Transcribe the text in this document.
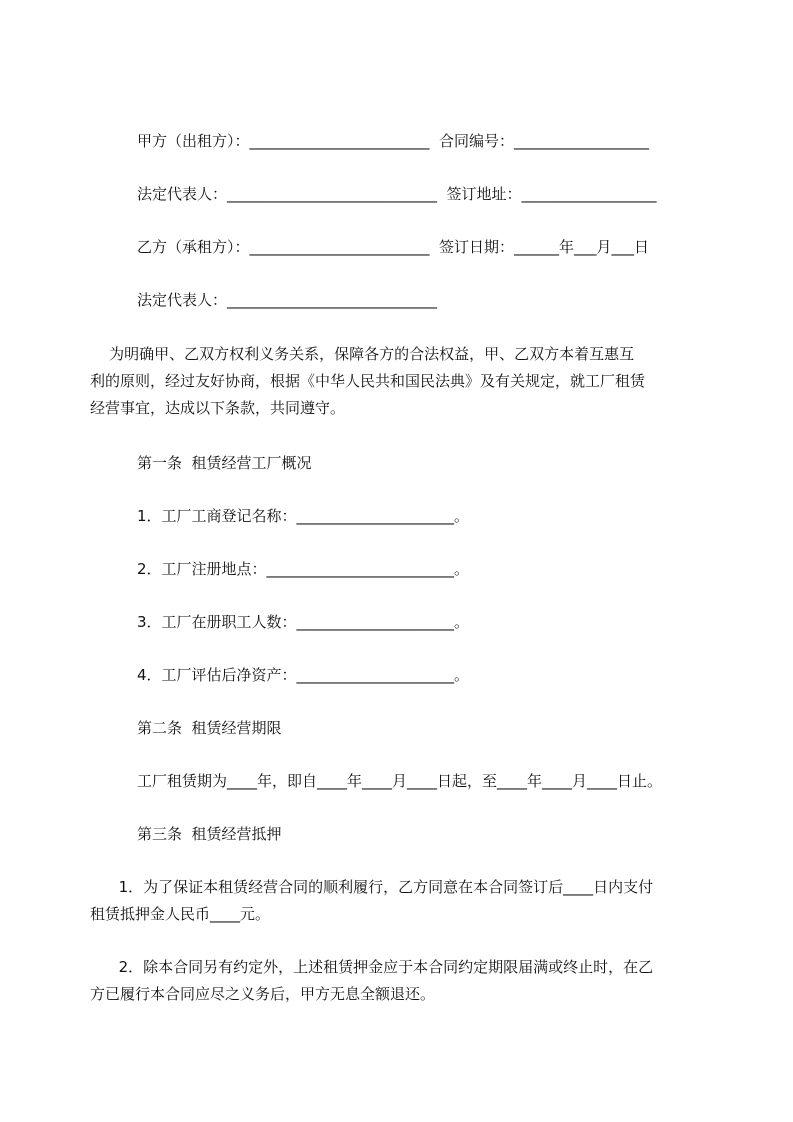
甲方（出租方）：________________________  合同编号：__________________
法定代表人：____________________________  签订地址：__________________
乙方（承租方）：________________________  签订日期：______年___月___日
法定代表人：____________________________

为明确甲、乙双方权利义务关系，保障各方的合法权益，甲、乙双方本着互惠互

利的原则，经过友好协商，根据《中华人民共和国民法典》及有关规定，就工厂租赁

经营事宜，达成以下条款，共同遵守。

第一条  租赁经营工厂概况
1．工厂工商登记名称：_____________________。
2．工厂注册地点：_________________________。
3．工厂在册职工人数：_____________________。
4．工厂评估后净资产：_____________________。
第二条  租赁经营期限
工厂租赁期为____年，即自____年____月____日起，至____年____月____日止。
第三条  租赁经营抵押

1．为了保证本租赁经营合同的顺利履行，乙方同意在本合同签订后____日内支付

租赁抵押金人民币____元。

2．除本合同另有约定外，上述租赁押金应于本合同约定期限届满或终止时，在乙

方已履行本合同应尽之义务后，甲方无息全额退还。
